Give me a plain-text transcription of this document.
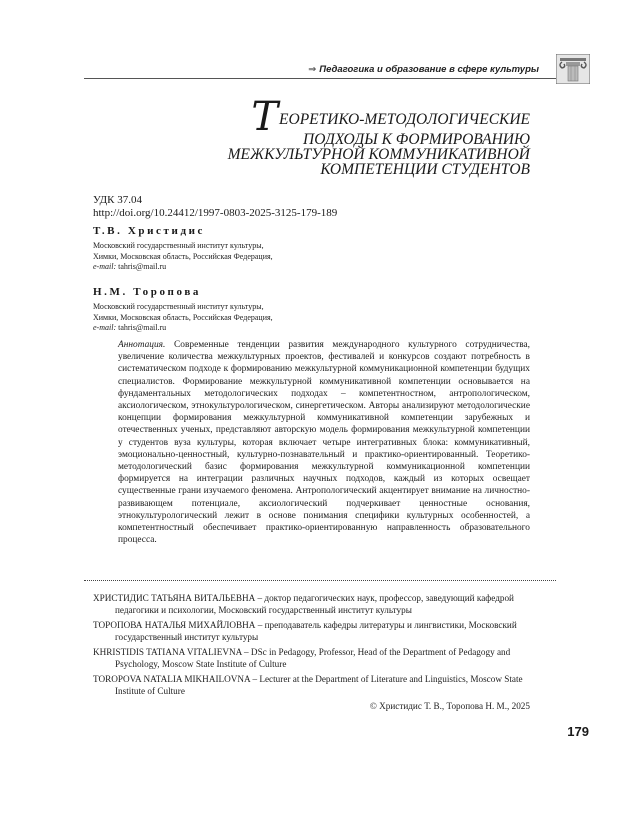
⇒ Педагогика и образование в сфере культуры
ТЕОРЕТИКО-МЕТОДОЛОГИЧЕСКИЕ
ПОДХОДЫ К ФОРМИРОВАНИЮ
МЕЖКУЛЬТУРНОЙ КОММУНИКАТИВНОЙ
КОМПЕТЕНЦИИ СТУДЕНТОВ
УДК 37.04
http://doi.org/10.24412/1997-0803-2025-3125-179-189
Т.В. Христидис
Московский государственный институт культуры,
Химки, Московская область, Российская Федерация,
e-mail: tahris@mail.ru
Н.М. Торопова
Московский государственный институт культуры,
Химки, Московская область, Российская Федерация,
e-mail: tahris@mail.ru
Аннотация. Современные тенденции развития международного культурного сотрудничества, увеличение количества межкультурных проектов, фестивалей и конкурсов создают потребность в систематическом подходе к формированию межкультурной коммуникационной компетенции будущих специалистов. Формирование межкультурной коммуникативной компетенции основывается на фундаментальных методологических подходах – компетентностном, антропологическом, аксиологическом, этнокультурологическом, синергетическом. Авторы анализируют методологические концепции формирования межкультурной коммуникативной компетенции зарубежных и отечественных ученых, представляют авторскую модель формирования межкультурной компетенции у студентов вуза культуры, которая включает четыре интегративных блока: коммуникативный, эмоционально-ценностный, культурно-познавательный и практико-ориентированный. Теоретико-методологический базис формирования межкультурной коммуникационной компетенции формируется на интеграции различных научных подходов, каждый из которых освещает существенные грани изучаемого феномена. Антропологический акцентирует внимание на личностно-развивающем потенциале, аксиологический подчеркивает ценностные основания, этнокультурологический лежит в основе понимания специфики культурных особенностей, а компетентностный обеспечивает практико-ориентированную направленность образовательного процесса.
ХРИСТИДИС ТАТЬЯНА ВИТАЛЬЕВНА – доктор педагогических наук, профессор, заведующий кафедрой педагогики и психологии, Московский государственный институт культуры
ТОРОПОВА НАТАЛЬЯ МИХАЙЛОВНА – преподаватель кафедры литературы и лингвистики, Московский государственный институт культуры
KHRISTIDIS TATIANA VITALIEVNA – DSc in Pedagogy, Professor, Head of the Department of Pedagogy and Psychology, Moscow State Institute of Culture
TOROPOVA NATALIA MIKHAILOVNA – Lecturer at the Department of Literature and Linguistics, Moscow State Institute of Culture
© Христидис Т. В., Торопова Н. М., 2025
179
